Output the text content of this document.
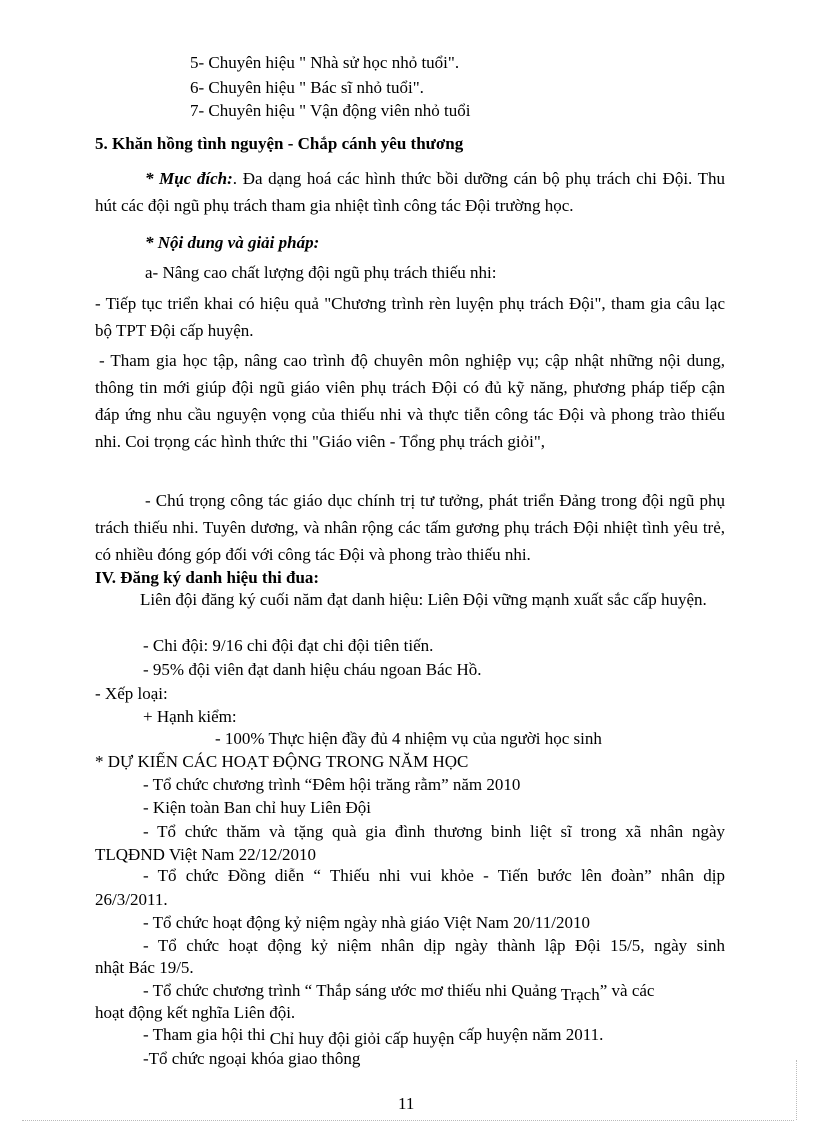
5- Chuyên hiệu " Nhà sử học nhỏ tuổi".
6- Chuyên hiệu " Bác sĩ nhỏ tuổi".
7- Chuyên hiệu " Vận động viên nhỏ tuổi
5. Khăn hồng tình nguyện - Chắp cánh yêu thương
* Mục đích:. Đa dạng hoá các hình thức bồi dưỡng cán bộ phụ trách chi Đội. Thu hút các đội ngũ phụ trách tham gia nhiệt tình công tác Đội trường học.
* Nội dung và giải pháp:
a- Nâng cao chất lượng đội ngũ phụ trách thiếu nhi:
- Tiếp tục triển khai có hiệu quả "Chương trình rèn luyện phụ trách Đội", tham gia câu lạc bộ TPT Đội cấp huyện.
- Tham gia học tập, nâng cao trình độ chuyên môn nghiệp vụ; cập nhật những nội dung, thông tin mới giúp đội ngũ giáo viên phụ trách Đội có đủ kỹ năng, phương pháp tiếp cận đáp ứng nhu cầu nguyện vọng của thiếu nhi và thực tiễn công tác Đội và phong trào thiếu nhi. Coi trọng các hình thức thi "Giáo viên - Tổng phụ trách giỏi",
- Chú trọng công tác giáo dục chính trị tư tưởng, phát triển Đảng trong đội ngũ phụ trách thiếu nhi. Tuyên dương, và nhân rộng các tấm gương phụ trách Đội nhiệt tình yêu trẻ, có nhiều đóng góp đối với công tác Đội và phong trào thiếu nhi.
IV. Đăng ký danh hiệu thi đua:
Liên đội đăng ký cuối năm đạt danh hiệu: Liên Đội vững mạnh xuất sắc cấp huyện.
- Chi đội: 9/16 chi đội đạt chi đội tiên tiến.
- 95% đội viên đạt danh hiệu cháu ngoan Bác Hồ.
- Xếp loại:
+ Hạnh kiểm:
- 100% Thực hiện đầy đủ 4 nhiệm vụ của người học sinh
* DỰ KIẾN CÁC HOẠT ĐỘNG TRONG NĂM HỌC
- Tổ chức chương trình “Đêm hội trăng rằm” năm 2010
- Kiện toàn Ban chỉ huy Liên Đội
- Tổ chức thăm và tặng quà gia đình thương binh liệt sĩ trong xã nhân ngày
TLQĐND Việt Nam 22/12/2010
- Tổ chức Đồng diễn “ Thiếu nhi vui khỏe - Tiến bước lên đoàn” nhân dịp
26/3/2011.
- Tổ chức hoạt động kỷ niệm ngày nhà giáo Việt Nam 20/11/2010
- Tổ chức hoạt động kỷ niệm nhân dịp ngày thành lập Đội 15/5, ngày sinh
nhật Bác 19/5.
- Tổ chức chương trình “ Thắp sáng ước mơ thiếu nhi Quảng Trạch” và các
hoạt động kết nghĩa Liên đội.
- Tham gia hội thi Chỉ huy đội giỏi cấp huyện cấp huyện năm 2011.
-Tổ chức ngoại khóa giao thông
11
